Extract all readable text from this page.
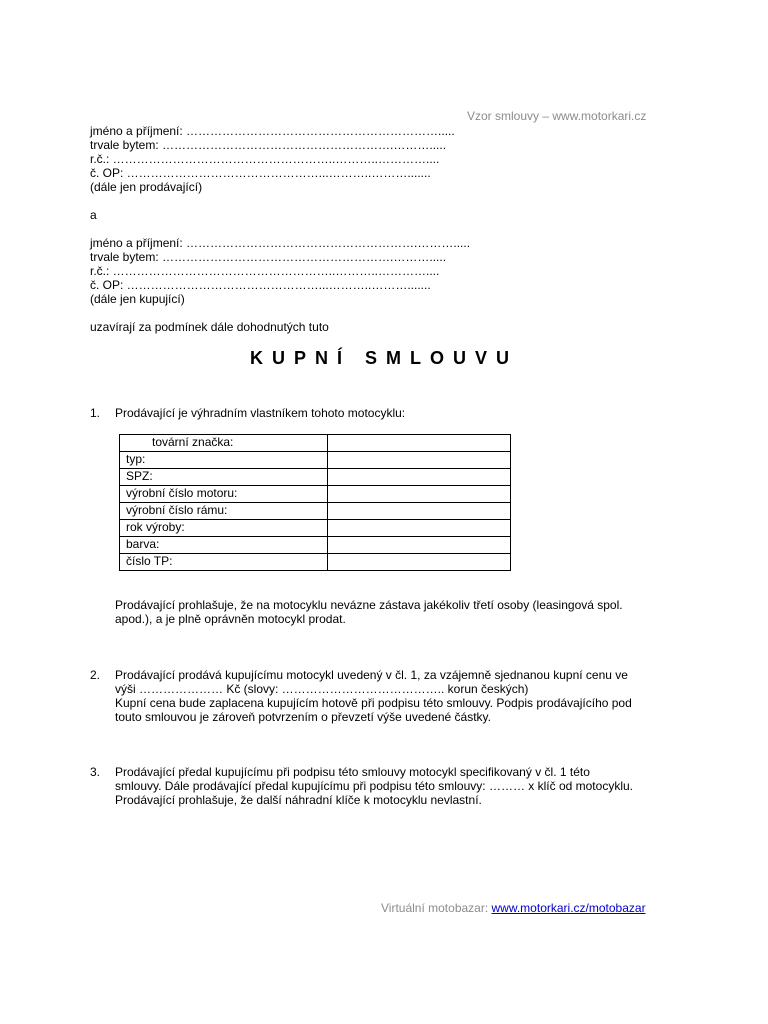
Vzor smlouvy – www.motorkari.cz
jméno a příjmení: ……………………………………………………….....
trvale bytem: ………………………………………………….……….....
r.č.: ………………………………………………..………..…………....
č. OP: …………………………………………...………..……….......
(dále jen prodávající)
a
jméno a příjmení: ………………………………………………….……….....
trvale bytem: ………………………………………………….……….....
r.č.: ………………………………………………..………..…………....
č. OP: …………………………………………...………..……….......
(dále jen kupující)
uzavírají za podmínek dále dohodnutých tuto
KUPNÍ SMLOUVU
1. Prodávající je výhradním vlastníkem tohoto motocyklu:
tovární značka:	
typ:	
SPZ:	
výrobní číslo motoru:	
výrobní číslo rámu:	
rok výroby:	
barva:	
číslo TP:	
Prodávající prohlašuje, že na motocyklu nevázne zástava jakékoliv třetí osoby (leasingová spol.
apod.), a je plně oprávněn motocykl prodat.
2. Prodávající prodává kupujícímu motocykl uvedený v čl. 1, za vzájemně sjednanou kupní cenu ve
výši ………………… Kč (slovy: ………………………………….. korun českých)
Kupní cena bude zaplacena kupujícím hotově při podpisu této smlouvy. Podpis prodávajícího pod
touto smlouvou je zároveň potvrzením o převzetí výše uvedené částky.
3. Prodávající předal kupujícímu při podpisu této smlouvy motocykl specifikovaný v čl. 1 této
smlouvy. Dále prodávající předal kupujícímu při podpisu této smlouvy: ……… x klíč od motocyklu.
Prodávající prohlašuje, že další náhradní klíče k motocyklu nevlastní.
Virtuální motobazar: www.motorkari.cz/motobazar
